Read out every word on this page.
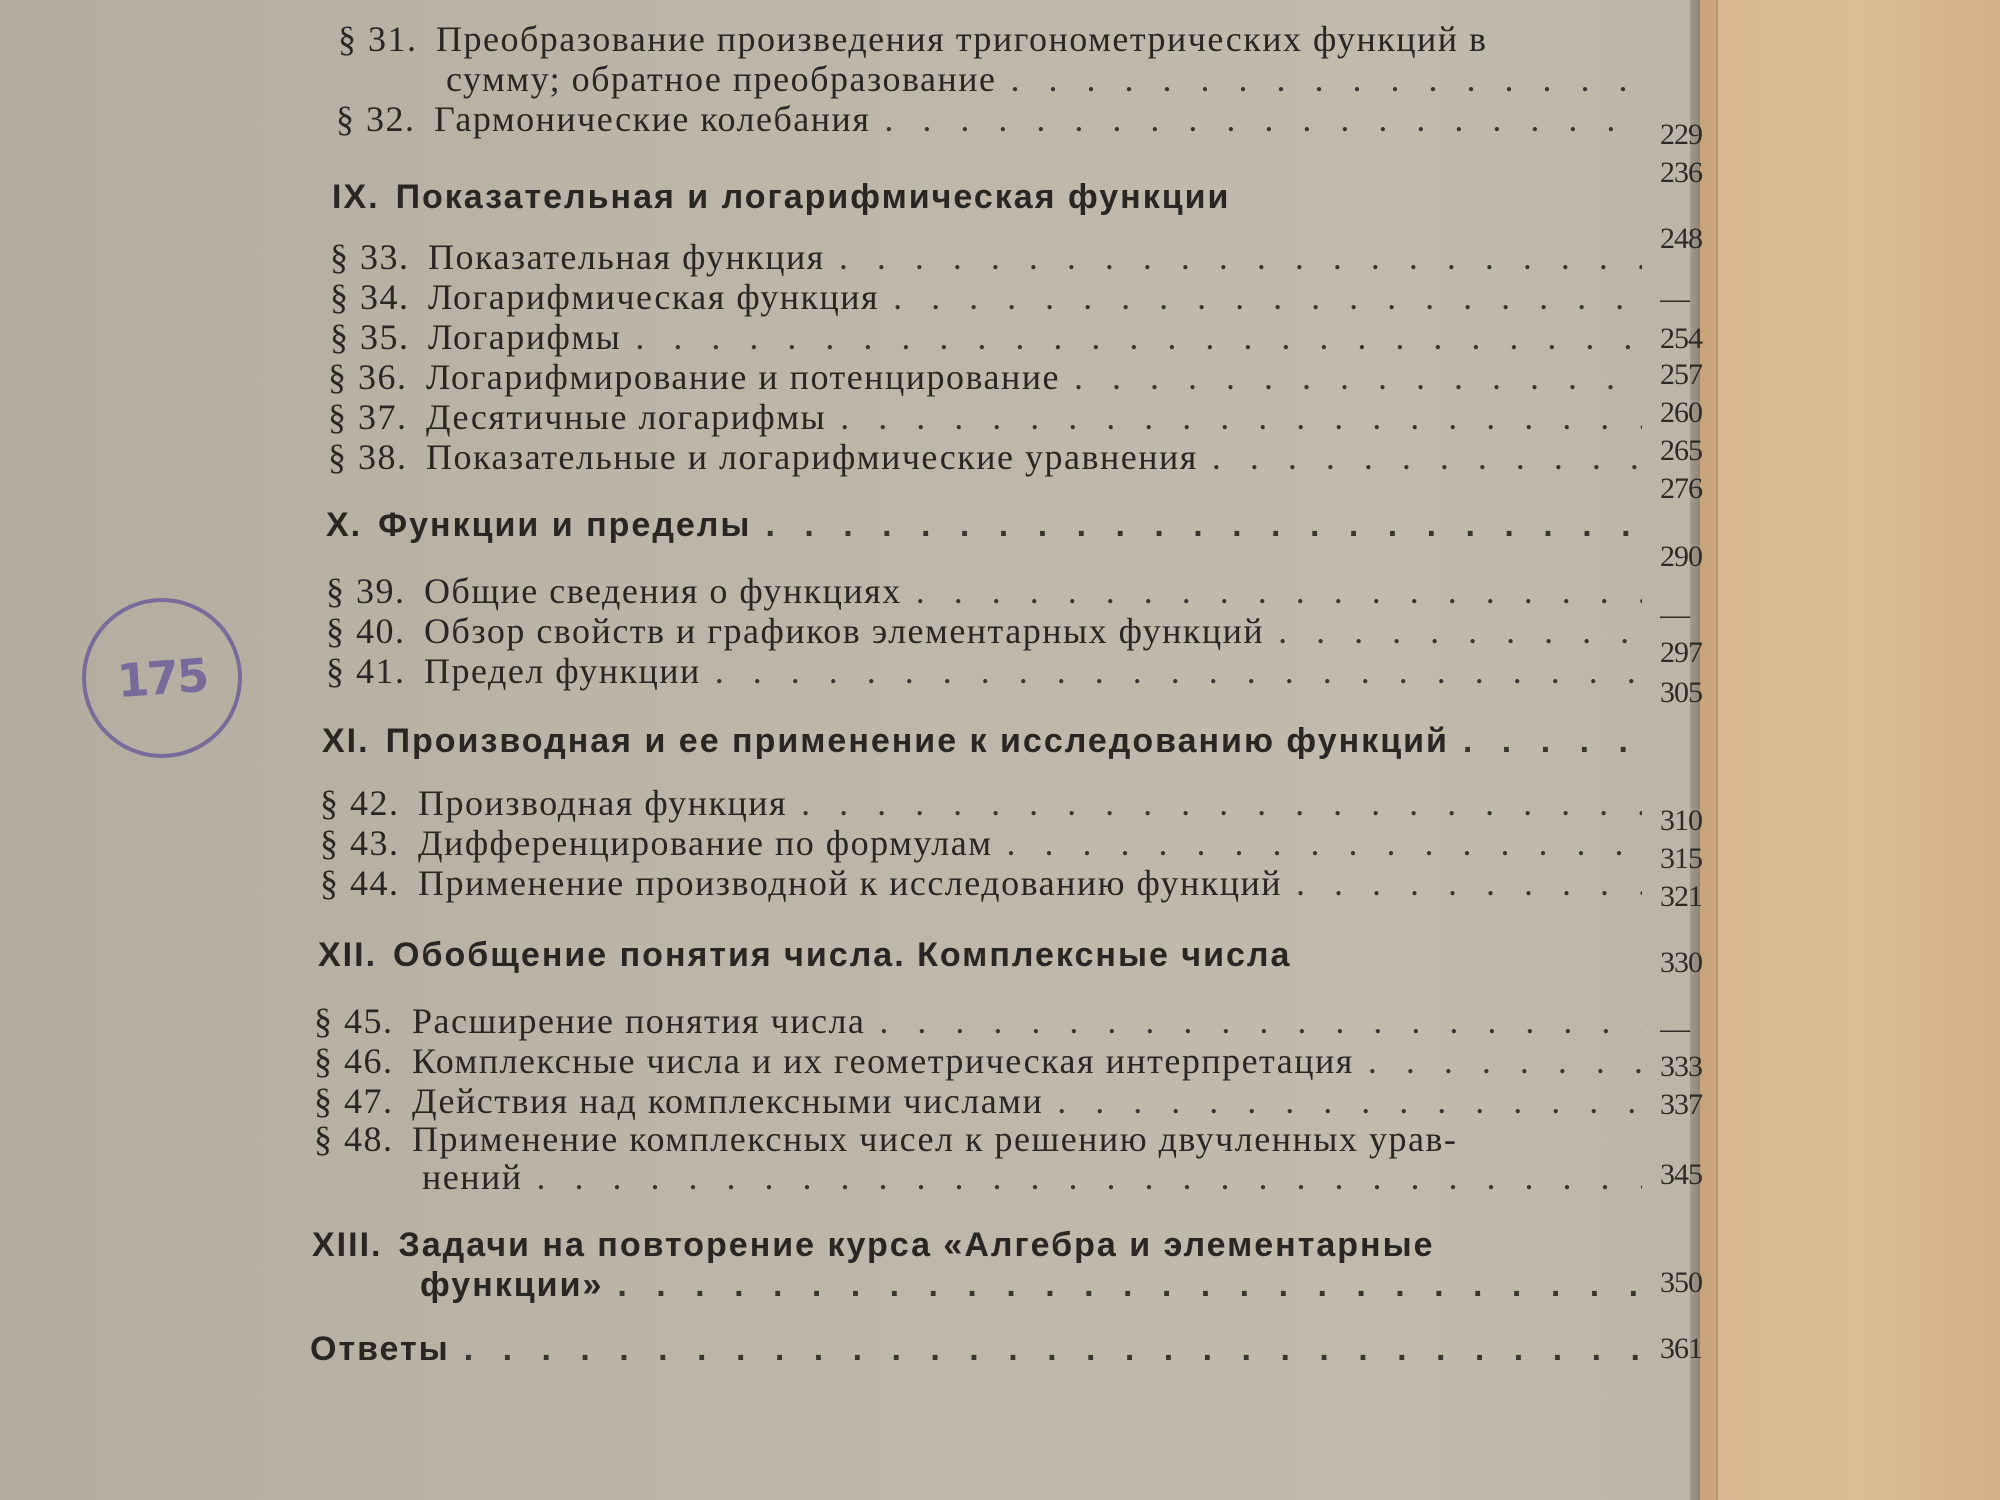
175
§ 31. Преобразование произведения тригонометрических функций в
сумму; обратное преобразование
. . .
§ 32. Гармонические колебания
. . .
IX. Показательная и логарифмическая функции
§ 33. Показательная функция
. . .
§ 34. Логарифмическая функция
. . .
§ 35. Логарифмы
. . .
§ 36. Логарифмирование и потенцирование
. . .
§ 37. Десятичные логарифмы
. . .
§ 38. Показательные и логарифмические уравнения
. . .
X. Функции и пределы
. . .
§ 39. Общие сведения о функциях
. . .
§ 40. Обзор свойств и графиков элементарных функций
. . .
§ 41. Предел функции
. . .
XI. Производная и ее применение к исследованию функций
. . .
§ 42. Производная функция
. . .
§ 43. Дифференцирование по формулам
. . .
§ 44. Применение производной к исследованию функций
. . .
XII. Обобщение понятия числа. Комплексные числа
§ 45. Расширение понятия числа
. . .
§ 46. Комплексные числа и их геометрическая интерпретация
. . .
§ 47. Действия над комплексными числами
. . .
§ 48. Применение комплексных чисел к решению двучленных урав-
нений
. . .
XIII. Задачи на повторение курса «Алгебра и элементарные
функции»
. . .
Ответы
. . .
229
236
248
—
254
257
260
265
276
290
—
297
305
310
315
321
330
—
333
337
345
350
361
